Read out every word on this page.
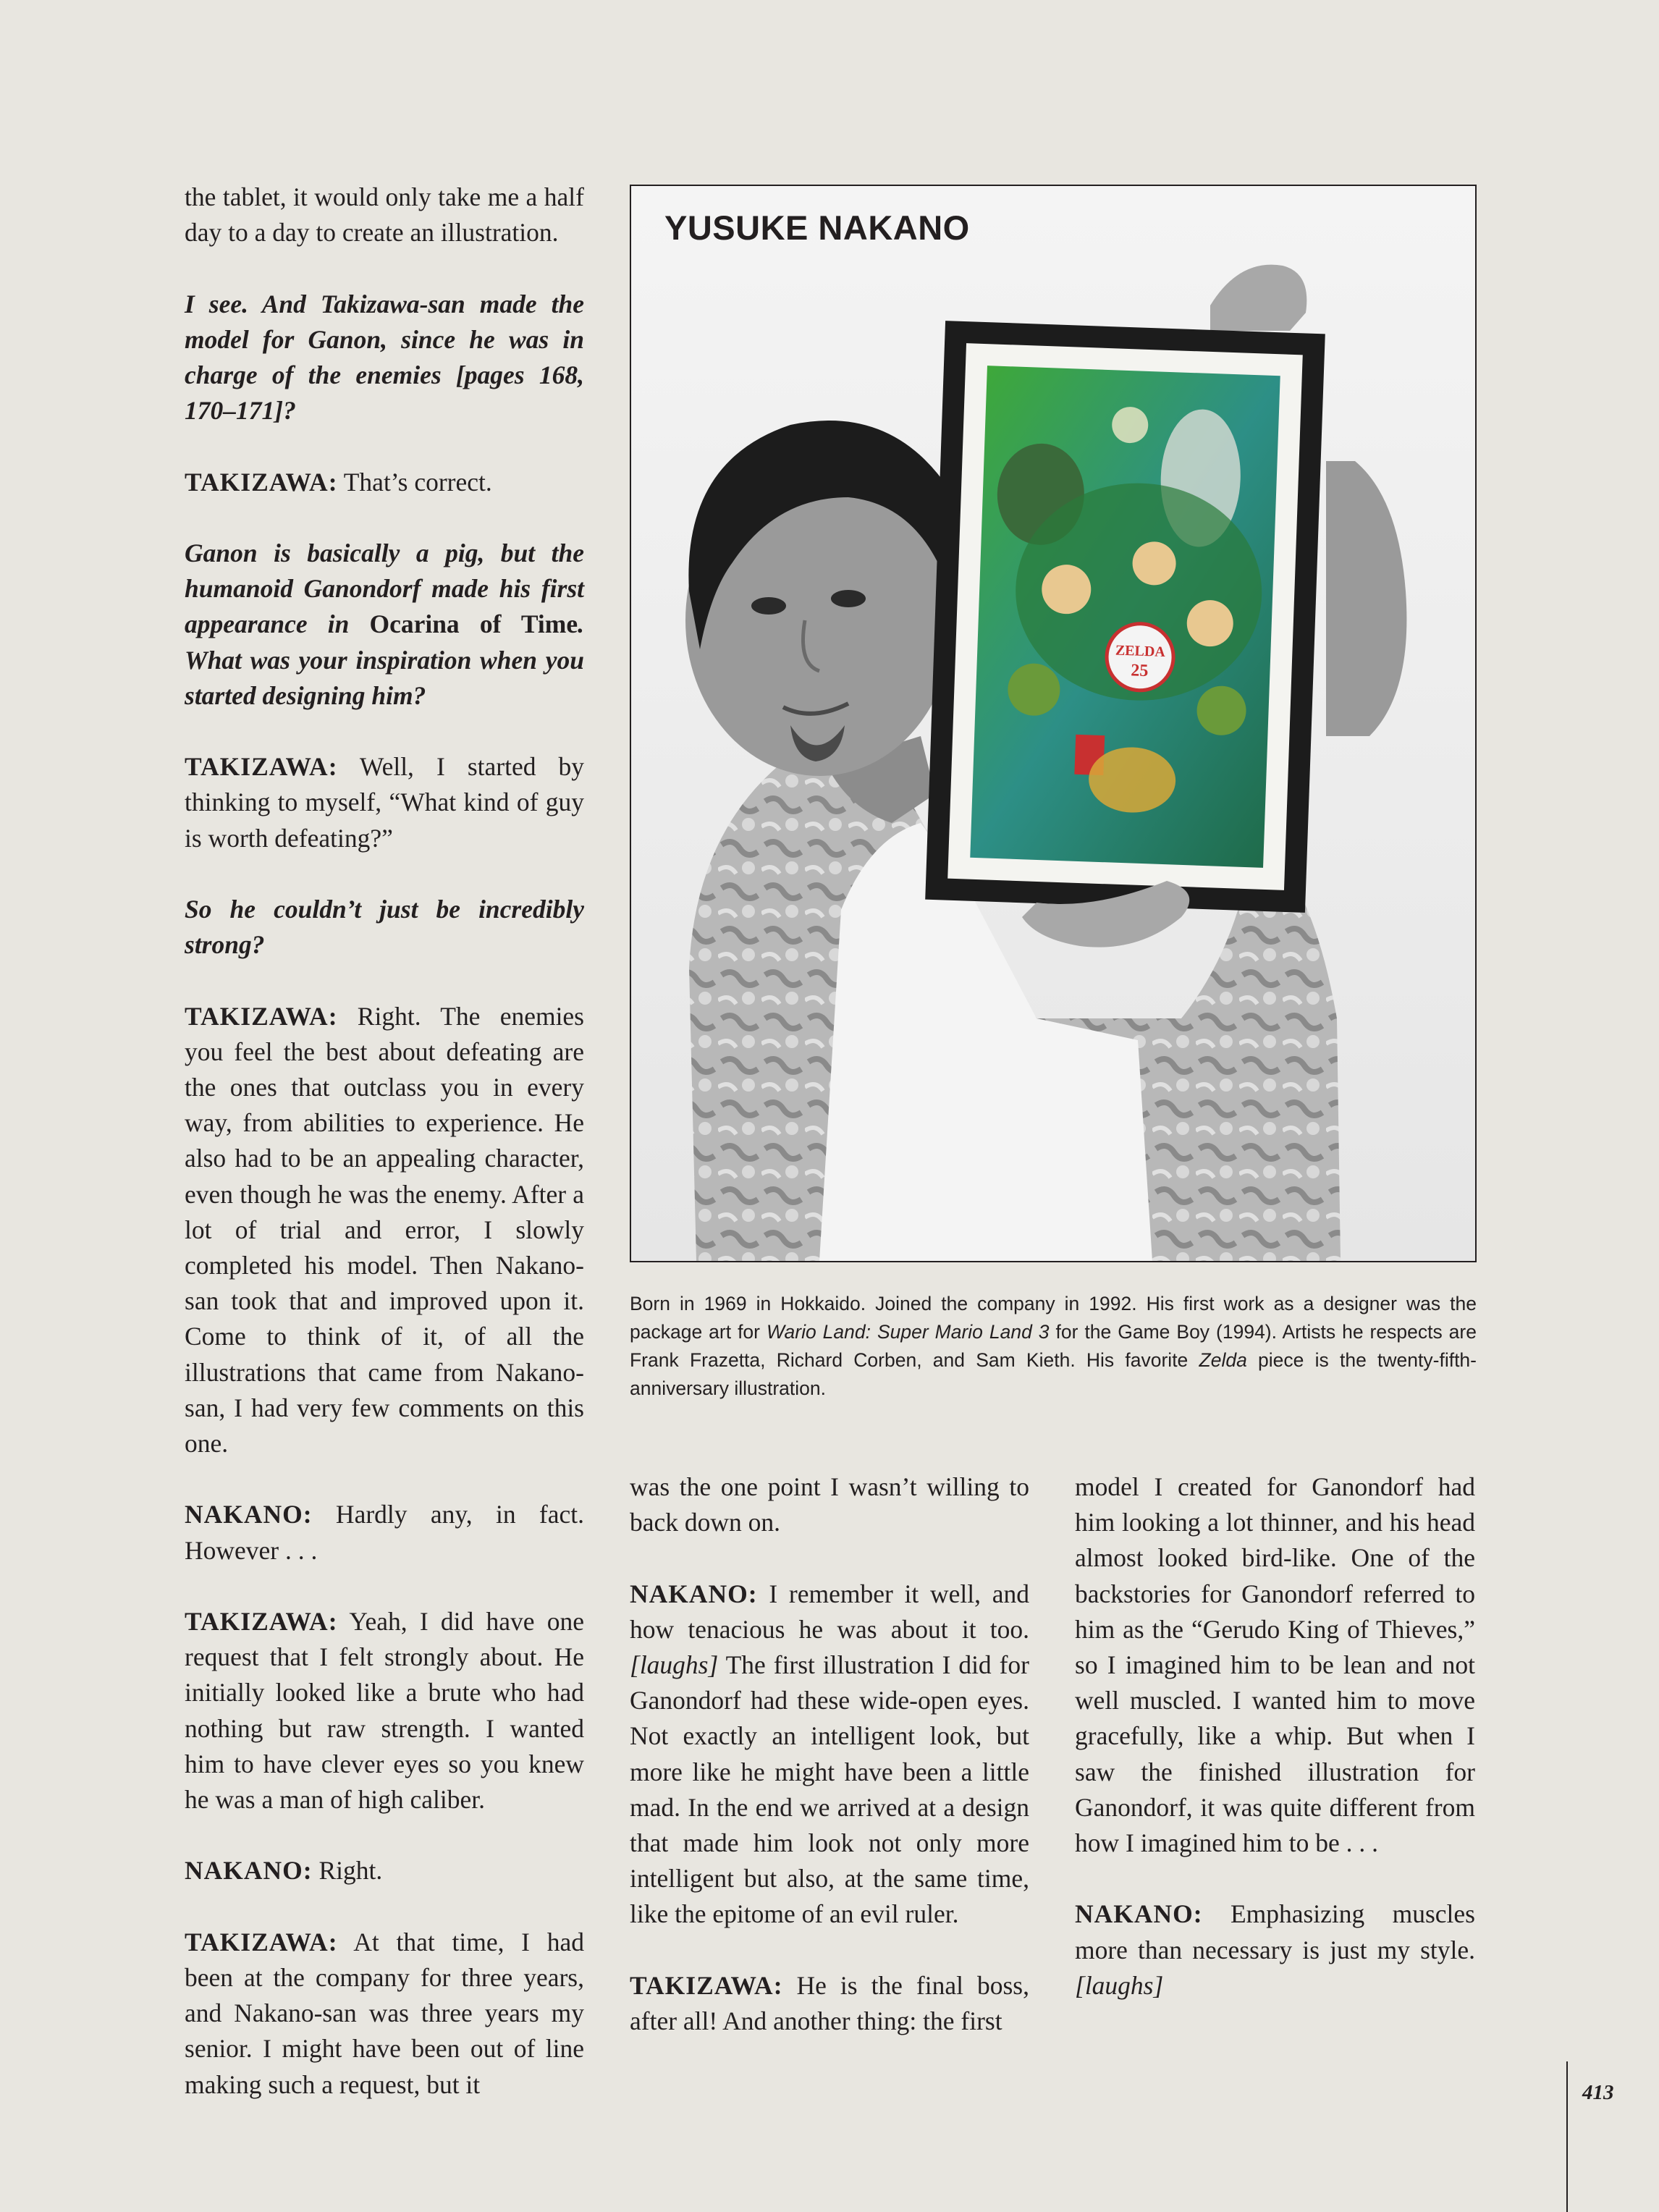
the tablet, it would only take me a half day to a day to create an illustration.

I see. And Takizawa-san made the model for Ganon, since he was in charge of the enemies [pages 168, 170–171]?

TAKIZAWA: That’s correct.

Ganon is basically a pig, but the humanoid Ganondorf made his first appearance in Ocarina of Time. What was your inspiration when you started designing him?

TAKIZAWA: Well, I started by thinking to myself, “What kind of guy is worth defeating?”

So he couldn’t just be incredibly strong?

TAKIZAWA: Right. The enemies you feel the best about defeating are the ones that outclass you in every way, from abilities to experience. He also had to be an appealing character, even though he was the enemy. After a lot of trial and error, I slowly completed his model. Then Nakano-san took that and improved upon it. Come to think of it, of all the illustrations that came from Nakano-san, I had very few comments on this one.

NAKANO: Hardly any, in fact. However . . .

TAKIZAWA: Yeah, I did have one request that I felt strongly about. He initially looked like a brute who had nothing but raw strength. I wanted him to have clever eyes so you knew he was a man of high caliber.

NAKANO: Right.

TAKIZAWA: At that time, I had been at the company for three years, and Nakano-san was three years my senior. I might have been out of line making such a request, but it

ZELDA
25
YUSUKE NAKANO
Born in 1969 in Hokkaido. Joined the company in 1992. His first work as a designer was the package art for Wario Land: Super Mario Land 3 for the Game Boy (1994). Artists he respects are Frank Frazetta, Richard Corben, and Sam Kieth. His favorite Zelda piece is the twenty-fifth-anniversary illustration.

was the one point I wasn’t willing to back down on.

NAKANO: I remember it well, and how tenacious he was about it too. [laughs] The first illustration I did for Ganondorf had these wide-open eyes. Not exactly an intelligent look, but more like he might have been a little mad. In the end we arrived at a design that made him look not only more intelligent but also, at the same time, like the epitome of an evil ruler.

TAKIZAWA: He is the final boss, after all! And another thing: the first

model I created for Ganondorf had him looking a lot thinner, and his head almost looked bird-like. One of the backstories for Ganondorf referred to him as the “Gerudo King of Thieves,” so I imagined him to be lean and not well muscled. I wanted him to move gracefully, like a whip. But when I saw the finished illustration for Ganondorf, it was quite different from how I imagined him to be . . .

NAKANO: Emphasizing muscles more than necessary is just my style. [laughs]

413
